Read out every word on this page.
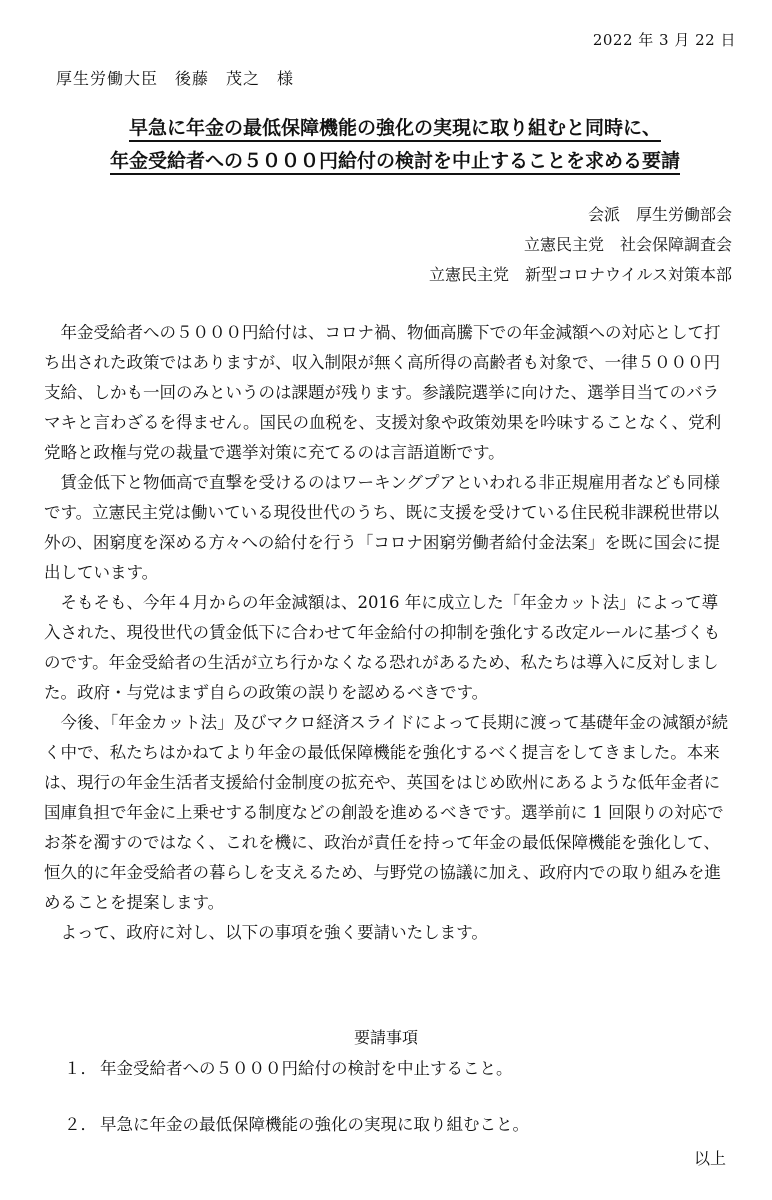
2022 年 3 月 22 日
厚生労働大臣　後藤　茂之　様
早急に年金の最低保障機能の強化の実現に取り組むと同時に、
年金受給者への５０００円給付の検討を中止することを求める要請
会派　厚生労働部会
立憲民主党　社会保障調査会
立憲民主党　新型コロナウイルス対策本部

年金受給者への５０００円給付は、コロナ禍、物価高騰下での年金減額への対応として打ち出された政策ではありますが、収入制限が無く高所得の高齢者も対象で、一律５０００円支給、しかも一回のみというのは課題が残ります。参議院選挙に向けた、選挙目当てのバラマキと言わざるを得ません。国民の血税を、支援対象や政策効果を吟味することなく、党利党略と政権与党の裁量で選挙対策に充てるのは言語道断です。

賃金低下と物価高で直撃を受けるのはワーキングプアといわれる非正規雇用者なども同様です。立憲民主党は働いている現役世代のうち、既に支援を受けている住民税非課税世帯以外の、困窮度を深める方々への給付を行う「コロナ困窮労働者給付金法案」を既に国会に提出しています。

そもそも、今年４月からの年金減額は、2016 年に成立した「年金カット法」によって導入された、現役世代の賃金低下に合わせて年金給付の抑制を強化する改定ルールに基づくものです。年金受給者の生活が立ち行かなくなる恐れがあるため、私たちは導入に反対しました。政府・与党はまず自らの政策の誤りを認めるべきです。

今後、「年金カット法」及びマクロ経済スライドによって長期に渡って基礎年金の減額が続く中で、私たちはかねてより年金の最低保障機能を強化するべく提言をしてきました。本来は、現行の年金生活者支援給付金制度の拡充や、英国をはじめ欧州にあるような低年金者に国庫負担で年金に上乗せする制度などの創設を進めるべきです。選挙前に 1 回限りの対応でお茶を濁すのではなく、これを機に、政治が責任を持って年金の最低保障機能を強化して、恒久的に年金受給者の暮らしを支えるため、与野党の協議に加え、政府内での取り組みを進めることを提案します。

よって、政府に対し、以下の事項を強く要請いたします。

要請事項
１． 年金受給者への５０００円給付の検討を中止すること。
２． 早急に年金の最低保障機能の強化の実現に取り組むこと。
以上
